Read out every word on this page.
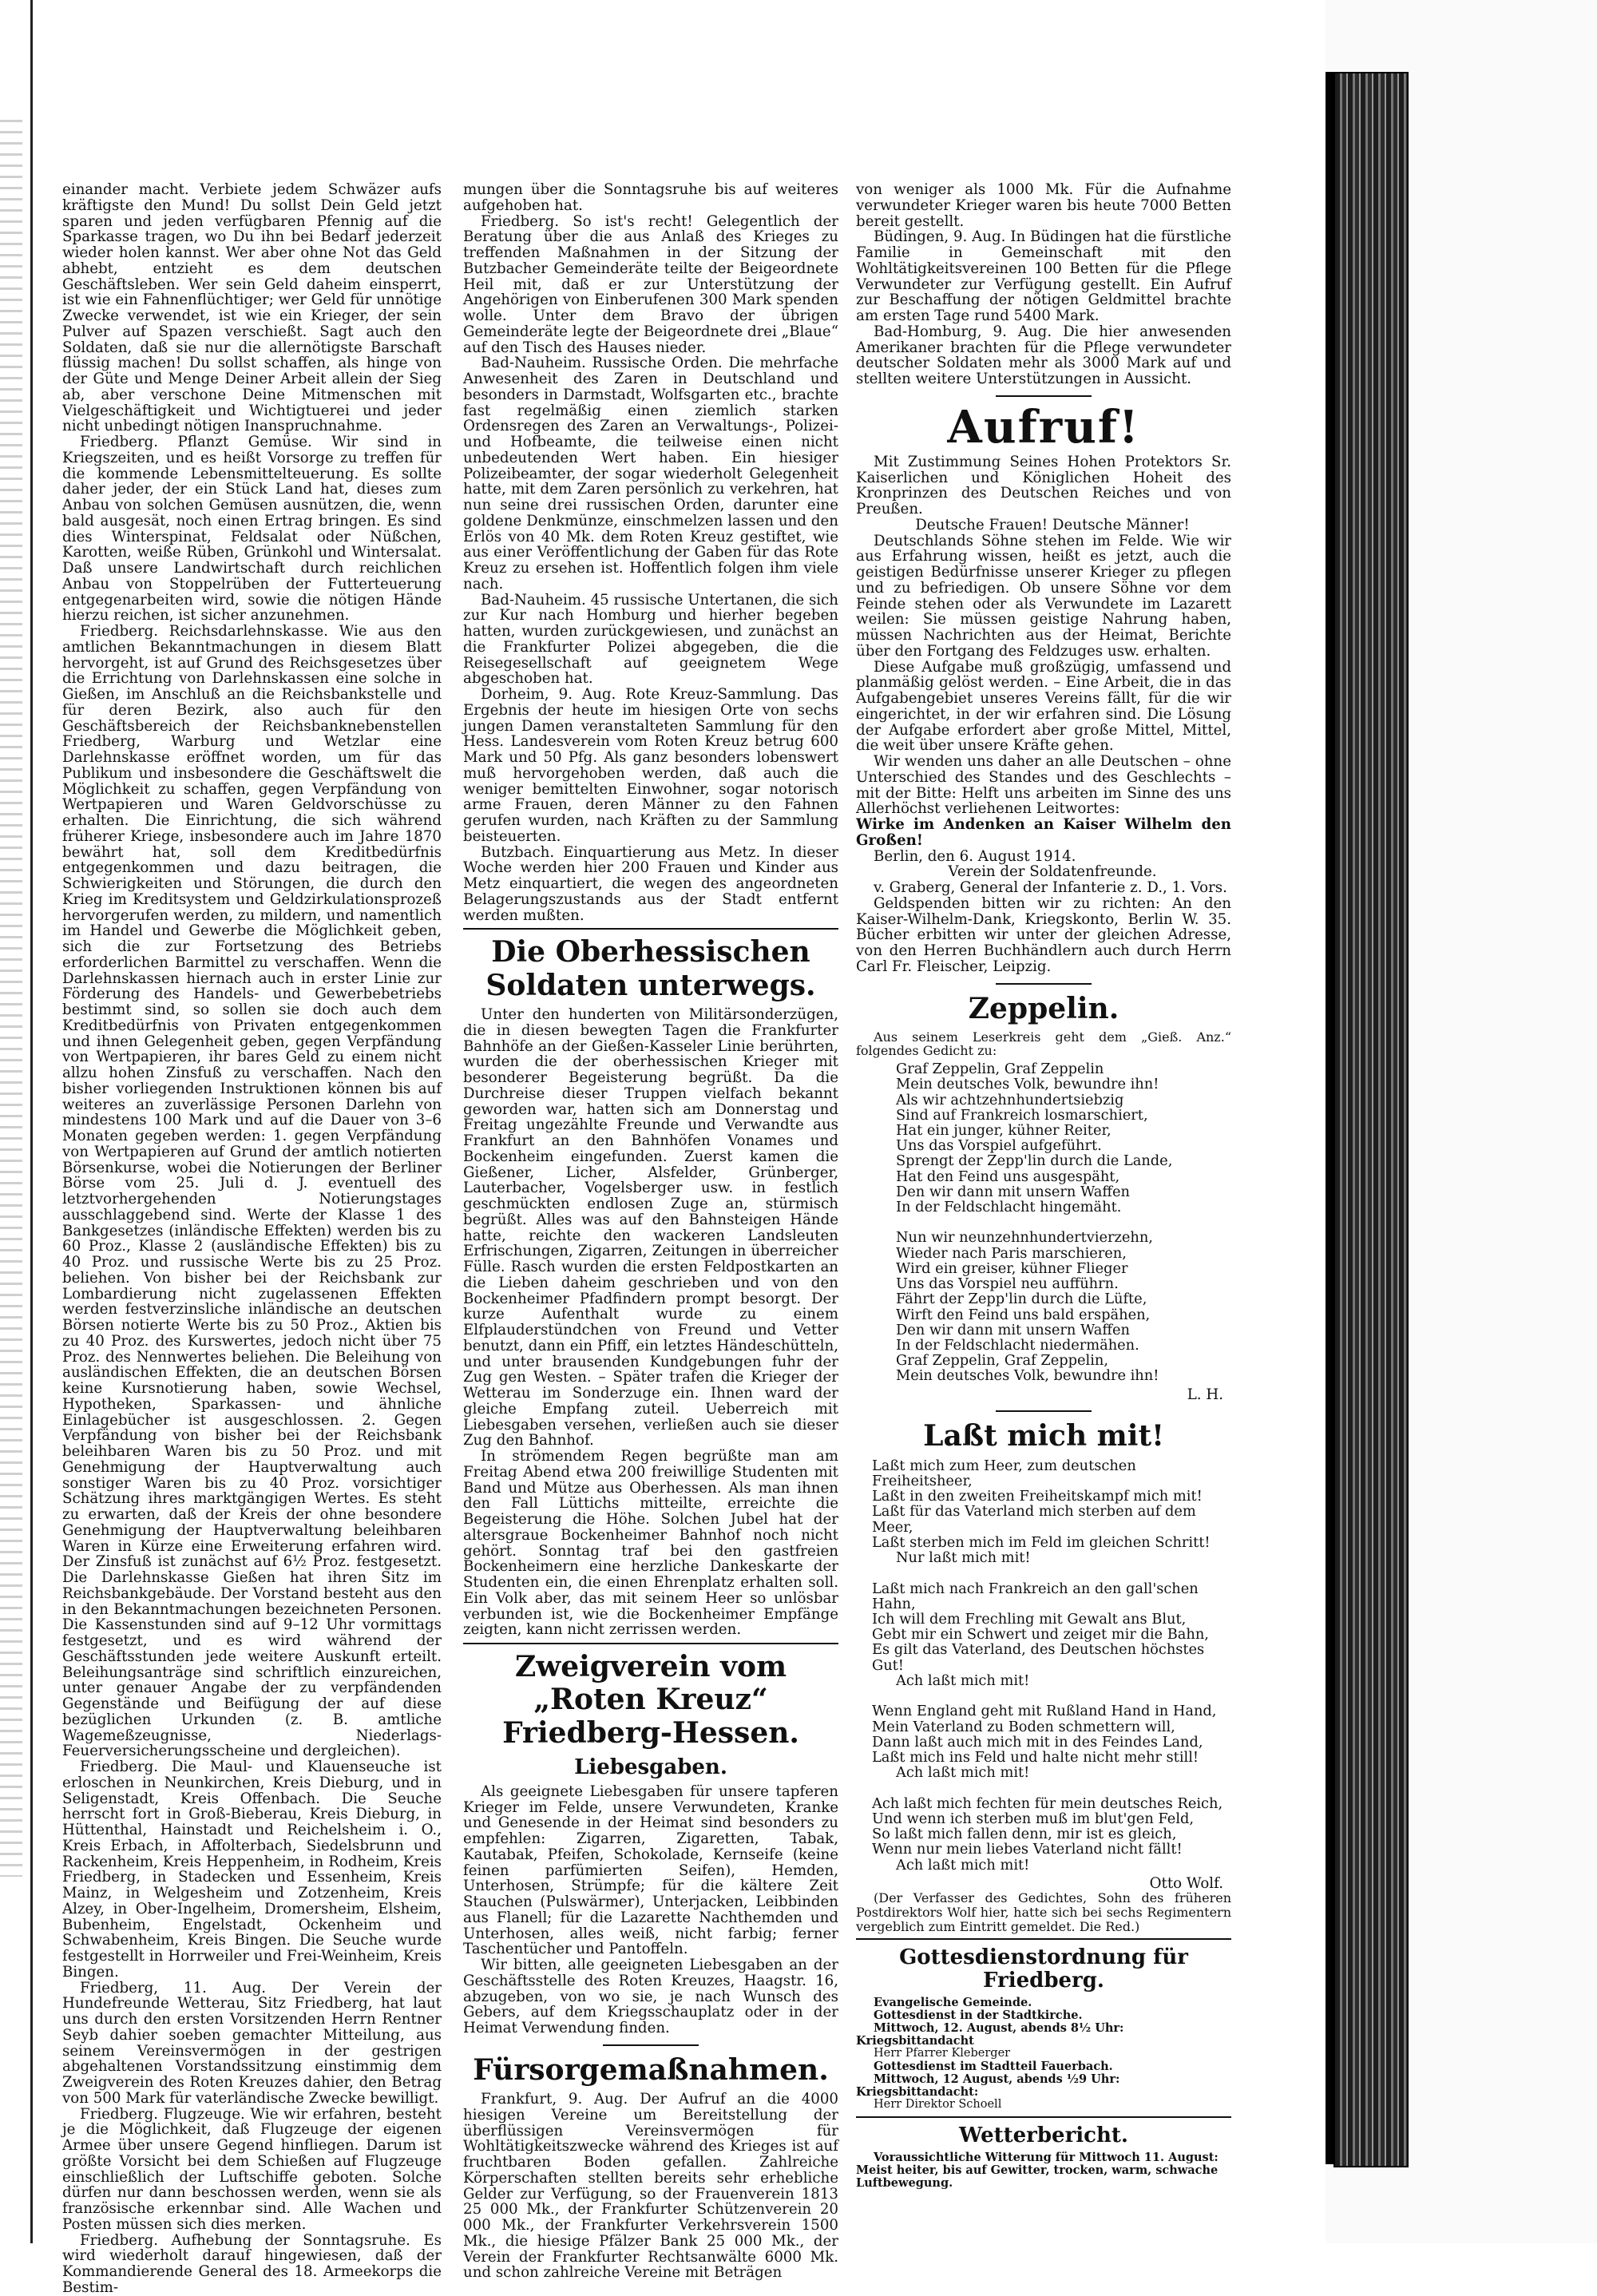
einander macht. Verbiete jedem Schwäzer aufs kräftigste den Mund! Du sollst Dein Geld jetzt sparen und jeden verfügbaren Pfennig auf die Sparkasse tragen, wo Du ihn bei Bedarf jederzeit wieder holen kannst. Wer aber ohne Not das Geld abhebt, entzieht es dem deutschen Geschäftsleben. Wer sein Geld daheim einsperrt, ist wie ein Fahnenflüchtiger; wer Geld für unnötige Zwecke verwendet, ist wie ein Krieger, der sein Pulver auf Spazen verschießt. Sagt auch den Soldaten, daß sie nur die allernötigste Barschaft flüssig machen! Du sollst schaffen, als hinge von der Güte und Menge Deiner Arbeit allein der Sieg ab, aber verschone Deine Mitmenschen mit Vielgeschäftigkeit und Wichtigtuerei und jeder nicht unbedingt nötigen Inanspruchnahme.

Friedberg. Pflanzt Gemüse. Wir sind in Kriegszeiten, und es heißt Vorsorge zu treffen für die kommende Lebensmittelteuerung. Es sollte daher jeder, der ein Stück Land hat, dieses zum Anbau von solchen Gemüsen ausnützen, die, wenn bald ausgesät, noch einen Ertrag bringen. Es sind dies Winterspinat, Feldsalat oder Nüßchen, Karotten, weiße Rüben, Grünkohl und Wintersalat. Daß unsere Landwirtschaft durch reichlichen Anbau von Stoppelrüben der Futterteuerung entgegenarbeiten wird, sowie die nötigen Hände hierzu reichen, ist sicher anzunehmen.

Friedberg. Reichsdarlehnskasse. Wie aus den amtlichen Bekanntmachungen in diesem Blatt hervorgeht, ist auf Grund des Reichsgesetzes über die Errichtung von Darlehnskassen eine solche in Gießen, im Anschluß an die Reichsbankstelle und für deren Bezirk, also auch für den Geschäftsbereich der Reichsbanknebenstellen Friedberg, Warburg und Wetzlar eine Darlehnskasse eröffnet worden, um für das Publikum und insbesondere die Geschäftswelt die Möglichkeit zu schaffen, gegen Verpfändung von Wertpapieren und Waren Geldvorschüsse zu erhalten. Die Einrichtung, die sich während früherer Kriege, insbesondere auch im Jahre 1870 bewährt hat, soll dem Kreditbedürfnis entgegenkommen und dazu beitragen, die Schwierigkeiten und Störungen, die durch den Krieg im Kreditsystem und Geldzirkulationsprozeß hervorgerufen werden, zu mildern, und namentlich im Handel und Gewerbe die Möglichkeit geben, sich die zur Fortsetzung des Betriebs erforderlichen Barmittel zu verschaffen. Wenn die Darlehnskassen hiernach auch in erster Linie zur Förderung des Handels- und Gewerbebetriebs bestimmt sind, so sollen sie doch auch dem Kreditbedürfnis von Privaten entgegenkommen und ihnen Gelegenheit geben, gegen Verpfändung von Wertpapieren, ihr bares Geld zu einem nicht allzu hohen Zinsfuß zu verschaffen. Nach den bisher vorliegenden Instruktionen können bis auf weiteres an zuverlässige Personen Darlehn von mindestens 100 Mark und auf die Dauer von 3–6 Monaten gegeben werden: 1. gegen Verpfändung von Wertpapieren auf Grund der amtlich notierten Börsenkurse, wobei die Notierungen der Berliner Börse vom 25. Juli d. J. eventuell des letztvorhergehenden Notierungstages ausschlaggebend sind. Werte der Klasse 1 des Bankgesetzes (inländische Effekten) werden bis zu 60 Proz., Klasse 2 (ausländische Effekten) bis zu 40 Proz. und russische Werte bis zu 25 Proz. beliehen. Von bisher bei der Reichsbank zur Lombardierung nicht zugelassenen Effekten werden festverzinsliche inländische an deutschen Börsen notierte Werte bis zu 50 Proz., Aktien bis zu 40 Proz. des Kurswertes, jedoch nicht über 75 Proz. des Nennwertes beliehen. Die Beleihung von ausländischen Effekten, die an deutschen Börsen keine Kursnotierung haben, sowie Wechsel, Hypotheken, Sparkassen- und ähnliche Einlagebücher ist ausgeschlossen. 2. Gegen Verpfändung von bisher bei der Reichsbank beleihbaren Waren bis zu 50 Proz. und mit Genehmigung der Hauptverwaltung auch sonstiger Waren bis zu 40 Proz. vorsichtiger Schätzung ihres marktgängigen Wertes. Es steht zu erwarten, daß der Kreis der ohne besondere Genehmigung der Hauptverwaltung beleihbaren Waren in Kürze eine Erweiterung erfahren wird. Der Zinsfuß ist zunächst auf 6½ Proz. festgesetzt. Die Darlehnskasse Gießen hat ihren Sitz im Reichsbankgebäude. Der Vorstand besteht aus den in den Bekanntmachungen bezeichneten Personen. Die Kassenstunden sind auf 9–12 Uhr vormittags festgesetzt, und es wird während der Geschäftsstunden jede weitere Auskunft erteilt. Beleihungsanträge sind schriftlich einzureichen, unter genauer Angabe der zu verpfändenden Gegenstände und Beifügung der auf diese bezüglichen Urkunden (z. B. amtliche Wagemeßzeugnisse, Niederlags-Feuerversicherungsscheine und dergleichen).

Friedberg. Die Maul- und Klauenseuche ist erloschen in Neunkirchen, Kreis Dieburg, und in Seligenstadt, Kreis Offenbach. Die Seuche herrscht fort in Groß-Bieberau, Kreis Dieburg, in Hüttenthal, Hainstadt und Reichelsheim i. O., Kreis Erbach, in Affolterbach, Siedelsbrunn und Rackenheim, Kreis Heppenheim, in Rodheim, Kreis Friedberg, in Stadecken und Essenheim, Kreis Mainz, in Welgesheim und Zotzenheim, Kreis Alzey, in Ober-Ingelheim, Dromersheim, Elsheim, Bubenheim, Engelstadt, Ockenheim und Schwabenheim, Kreis Bingen. Die Seuche wurde festgestellt in Horrweiler und Frei-Weinheim, Kreis Bingen.

Friedberg, 11. Aug. Der Verein der Hundefreunde Wetterau, Sitz Friedberg, hat laut uns durch den ersten Vorsitzenden Herrn Rentner Seyb dahier soeben gemachter Mitteilung, aus seinem Vereinsvermögen in der gestrigen abgehaltenen Vorstandssitzung einstimmig dem Zweigverein des Roten Kreuzes dahier, den Betrag von 500 Mark für vaterländische Zwecke bewilligt.

Friedberg. Flugzeuge. Wie wir erfahren, besteht je die Möglichkeit, daß Flugzeuge der eigenen Armee über unsere Gegend hinfliegen. Darum ist größte Vorsicht bei dem Schießen auf Flugzeuge einschließlich der Luftschiffe geboten. Solche dürfen nur dann beschossen werden, wenn sie als französische erkennbar sind. Alle Wachen und Posten müssen sich dies merken.

Friedberg. Aufhebung der Sonntagsruhe. Es wird wiederholt darauf hingewiesen, daß der Kommandierende General des 18. Armeekorps die Bestim-

mungen über die Sonntagsruhe bis auf weiteres aufgehoben hat.

Friedberg. So ist's recht! Gelegentlich der Beratung über die aus Anlaß des Krieges zu treffenden Maßnahmen in der Sitzung der Butzbacher Gemeinderäte teilte der Beigeordnete Heil mit, daß er zur Unterstützung der Angehörigen von Einberufenen 300 Mark spenden wolle. Unter dem Bravo der übrigen Gemeinderäte legte der Beigeordnete drei „Blaue“ auf den Tisch des Hauses nieder.

Bad-Nauheim. Russische Orden. Die mehrfache Anwesenheit des Zaren in Deutschland und besonders in Darmstadt, Wolfsgarten etc., brachte fast regelmäßig einen ziemlich starken Ordensregen des Zaren an Verwaltungs-, Polizei- und Hofbeamte, die teilweise einen nicht unbedeutenden Wert haben. Ein hiesiger Polizeibeamter, der sogar wiederholt Gelegenheit hatte, mit dem Zaren persönlich zu verkehren, hat nun seine drei russischen Orden, darunter eine goldene Denkmünze, einschmelzen lassen und den Erlös von 40 Mk. dem Roten Kreuz gestiftet, wie aus einer Veröffentlichung der Gaben für das Rote Kreuz zu ersehen ist. Hoffentlich folgen ihm viele nach.

Bad-Nauheim. 45 russische Untertanen, die sich zur Kur nach Homburg und hierher begeben hatten, wurden zurückgewiesen, und zunächst an die Frankfurter Polizei abgegeben, die die Reisegesellschaft auf geeignetem Wege abgeschoben hat.

Dorheim, 9. Aug. Rote Kreuz-Sammlung. Das Ergebnis der heute im hiesigen Orte von sechs jungen Damen veranstalteten Sammlung für den Hess. Landesverein vom Roten Kreuz betrug 600 Mark und 50 Pfg. Als ganz besonders lobenswert muß hervorgehoben werden, daß auch die weniger bemittelten Einwohner, sogar notorisch arme Frauen, deren Männer zu den Fahnen gerufen wurden, nach Kräften zu der Sammlung beisteuerten.

Butzbach. Einquartierung aus Metz. In dieser Woche werden hier 200 Frauen und Kinder aus Metz einquartiert, die wegen des angeordneten Belagerungszustands aus der Stadt entfernt werden mußten.

Die Oberhessischen Soldaten unterwegs.

Unter den hunderten von Militärsonderzügen, die in diesen bewegten Tagen die Frankfurter Bahnhöfe an der Gießen-Kasseler Linie berührten, wurden die der oberhessischen Krieger mit besonderer Begeisterung begrüßt. Da die Durchreise dieser Truppen vielfach bekannt geworden war, hatten sich am Donnerstag und Freitag ungezählte Freunde und Verwandte aus Frankfurt an den Bahnhöfen Vonames und Bockenheim eingefunden. Zuerst kamen die Gießener, Licher, Alsfelder, Grünberger, Lauterbacher, Vogelsberger usw. in festlich geschmückten endlosen Zuge an, stürmisch begrüßt. Alles was auf den Bahnsteigen Hände hatte, reichte den wackeren Landsleuten Erfrischungen, Zigarren, Zeitungen in überreicher Fülle. Rasch wurden die ersten Feldpostkarten an die Lieben daheim geschrieben und von den Bockenheimer Pfadfindern prompt besorgt. Der kurze Aufenthalt wurde zu einem Elfplauderstündchen von Freund und Vetter benutzt, dann ein Pfiff, ein letztes Händeschütteln, und unter brausenden Kundgebungen fuhr der Zug gen Westen. – Später trafen die Krieger der Wetterau im Sonderzuge ein. Ihnen ward der gleiche Empfang zuteil. Ueberreich mit Liebesgaben versehen, verließen auch sie dieser Zug den Bahnhof.

In strömendem Regen begrüßte man am Freitag Abend etwa 200 freiwillige Studenten mit Band und Mütze aus Oberhessen. Als man ihnen den Fall Lüttichs mitteilte, erreichte die Begeisterung die Höhe. Solchen Jubel hat der altersgraue Bockenheimer Bahnhof noch nicht gehört. Sonntag traf bei den gastfreien Bockenheimern eine herzliche Dankeskarte der Studenten ein, die einen Ehrenplatz erhalten soll. Ein Volk aber, das mit seinem Heer so unlösbar verbunden ist, wie die Bockenheimer Empfänge zeigten, kann nicht zerrissen werden.

Zweigverein vom „Roten Kreuz“ Friedberg-Hessen.
Liebesgaben.

Als geeignete Liebesgaben für unsere tapferen Krieger im Felde, unsere Verwundeten, Kranke und Genesende in der Heimat sind besonders zu empfehlen: Zigarren, Zigaretten, Tabak, Kautabak, Pfeifen, Schokolade, Kernseife (keine feinen parfümierten Seifen), Hemden, Unterhosen, Strümpfe; für die kältere Zeit Stauchen (Pulswärmer), Unterjacken, Leibbinden aus Flanell; für die Lazarette Nachthemden und Unterhosen, alles weiß, nicht farbig; ferner Taschentücher und Pantoffeln.

Wir bitten, alle geeigneten Liebesgaben an der Geschäftsstelle des Roten Kreuzes, Haagstr. 16, abzugeben, von wo sie, je nach Wunsch des Gebers, auf dem Kriegsschauplatz oder in der Heimat Verwendung finden.

Fürsorgemaßnahmen.

Frankfurt, 9. Aug. Der Aufruf an die 4000 hiesigen Vereine um Bereitstellung der überflüssigen Vereinsvermögen für Wohltätigkeitszwecke während des Krieges ist auf fruchtbaren Boden gefallen. Zahlreiche Körperschaften stellten bereits sehr erhebliche Gelder zur Verfügung, so der Frauenverein 1813 25 000 Mk., der Frankfurter Schützenverein 20 000 Mk., der Frankfurter Verkehrsverein 1500 Mk., die hiesige Pfälzer Bank 25 000 Mk., der Verein der Frankfurter Rechtsanwälte 6000 Mk. und schon zahlreiche Vereine mit Beträgen

von weniger als 1000 Mk. Für die Aufnahme verwundeter Krieger waren bis heute 7000 Betten bereit gestellt.

Büdingen, 9. Aug. In Büdingen hat die fürstliche Familie in Gemeinschaft mit den Wohltätigkeitsvereinen 100 Betten für die Pflege Verwundeter zur Verfügung gestellt. Ein Aufruf zur Beschaffung der nötigen Geldmittel brachte am ersten Tage rund 5400 Mark.

Bad-Homburg, 9. Aug. Die hier anwesenden Amerikaner brachten für die Pflege verwundeter deutscher Soldaten mehr als 3000 Mark auf und stellten weitere Unterstützungen in Aussicht.

Aufruf!

Mit Zustimmung Seines Hohen Protektors Sr. Kaiserlichen und Königlichen Hoheit des Kronprinzen des Deutschen Reiches und von Preußen.

Deutsche Frauen! Deutsche Männer!

Deutschlands Söhne stehen im Felde. Wie wir aus Erfahrung wissen, heißt es jetzt, auch die geistigen Bedürfnisse unserer Krieger zu pflegen und zu befriedigen. Ob unsere Söhne vor dem Feinde stehen oder als Verwundete im Lazarett weilen: Sie müssen geistige Nahrung haben, müssen Nachrichten aus der Heimat, Berichte über den Fortgang des Feldzuges usw. erhalten.

Diese Aufgabe muß großzügig, umfassend und planmäßig gelöst werden. – Eine Arbeit, die in das Aufgabengebiet unseres Vereins fällt, für die wir eingerichtet, in der wir erfahren sind. Die Lösung der Aufgabe erfordert aber große Mittel, Mittel, die weit über unsere Kräfte gehen.

Wir wenden uns daher an alle Deutschen – ohne Unterschied des Standes und des Geschlechts – mit der Bitte: Helft uns arbeiten im Sinne des uns Allerhöchst verliehenen Leitwortes:

Wirke im Andenken an Kaiser Wilhelm den Großen!

Berlin, den 6. August 1914.

Verein der Soldatenfreunde.

v. Graberg, General der Infanterie z. D., 1. Vors.

Geldspenden bitten wir zu richten: An den Kaiser-Wilhelm-Dank, Kriegskonto, Berlin W. 35. Bücher erbitten wir unter der gleichen Adresse, von den Herren Buchhändlern auch durch Herrn Carl Fr. Fleischer, Leipzig.

Zeppelin.

Aus seinem Leserkreis geht dem „Gieß. Anz.“ folgendes Gedicht zu:

Graf Zeppelin, Graf Zeppelin
Mein deutsches Volk, bewundre ihn!
Als wir achtzehnhundertsiebzig
Sind auf Frankreich losmarschiert,
Hat ein junger, kühner Reiter,
Uns das Vorspiel aufgeführt.
Sprengt der Zepp'lin durch die Lande,
Hat den Feind uns ausgespäht,
Den wir dann mit unsern Waffen
In der Feldschlacht hingemäht.

Nun wir neunzehnhundertvierzehn,
Wieder nach Paris marschieren,
Wird ein greiser, kühner Flieger
Uns das Vorspiel neu aufführn.
Fährt der Zepp'lin durch die Lüfte,
Wirft den Feind uns bald erspähen,
Den wir dann mit unsern Waffen
In der Feldschlacht niedermähen.
Graf Zeppelin, Graf Zeppelin,
Mein deutsches Volk, bewundre ihn!

L. H.

Laßt mich mit!
Laßt mich zum Heer, zum deutschen Freiheitsheer,
Laßt in den zweiten Freiheitskampf mich mit!
Laßt für das Vaterland mich sterben auf dem Meer,
Laßt sterben mich im Feld im gleichen Schritt!
Nur laßt mich mit!

Laßt mich nach Frankreich an den gall'schen Hahn,
Ich will dem Frechling mit Gewalt ans Blut,
Gebt mir ein Schwert und zeiget mir die Bahn,
Es gilt das Vaterland, des Deutschen höchstes Gut!
Ach laßt mich mit!

Wenn England geht mit Rußland Hand in Hand,
Mein Vaterland zu Boden schmettern will,
Dann laßt auch mich mit in des Feindes Land,
Laßt mich ins Feld und halte nicht mehr still!
Ach laßt mich mit!

Ach laßt mich fechten für mein deutsches Reich,
Und wenn ich sterben muß im blut'gen Feld,
So laßt mich fallen denn, mir ist es gleich,
Wenn nur mein liebes Vaterland nicht fällt!
Ach laßt mich mit!

Otto Wolf.

(Der Verfasser des Gedichtes, Sohn des früheren Postdirektors Wolf hier, hatte sich bei sechs Regimentern vergeblich zum Eintritt gemeldet. Die Red.)

Gottesdienstordnung für Friedberg.

Evangelische Gemeinde.

Gottesdienst in der Stadtkirche.

Mittwoch, 12. August, abends 8½ Uhr: Kriegsbittandacht

Herr Pfarrer Kleberger

Gottesdienst im Stadtteil Fauerbach.

Mittwoch, 12 August, abends ½9 Uhr: Kriegsbittandacht:

Herr Direktor Schoell

Wetterbericht.

Voraussichtliche Witterung für Mittwoch 11. August: Meist heiter, bis auf Gewitter, trocken, warm, schwache Luftbewegung.
